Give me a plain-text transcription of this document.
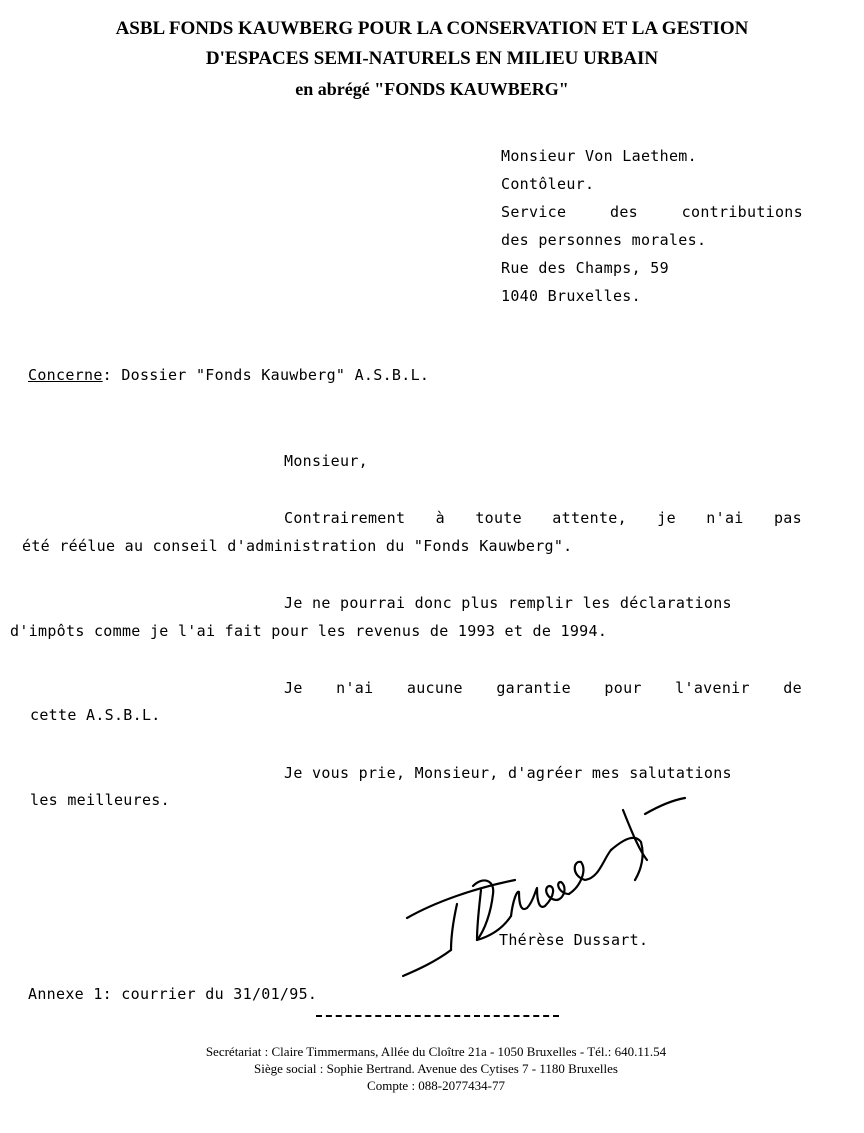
ASBL FONDS KAUWBERG POUR LA CONSERVATION ET LA GESTION
D'ESPACES SEMI-NATURELS EN MILIEU URBAIN
en abrégé "FONDS KAUWBERG"
Monsieur Von Laethem.
Contôleur.
Service	des	contributions
des personnes morales.
Rue des Champs, 59
1040 Bruxelles.
Concerne: Dossier "Fonds Kauwberg" A.S.B.L.
Monsieur,
Contrairement à toute attente, je n'ai pas
été réélue au conseil d'administration du "Fonds Kauwberg".
Je ne pourrai donc plus remplir les déclarations
d'impôts comme je l'ai fait pour les revenus de 1993 et de 1994.
Je n'ai aucune garantie pour l'avenir de
cette A.S.B.L.
Je vous prie, Monsieur, d'agréer mes salutations
les meilleures.
Thérèse Dussart.
Annexe 1: courrier du 31/01/95.
Secrétariat : Claire Timmermans, Allée du Cloître 21a - 1050 Bruxelles - Tél.: 640.11.54
Siège social : Sophie Bertrand. Avenue des Cytises 7 - 1180 Bruxelles
Compte : 088-2077434-77
